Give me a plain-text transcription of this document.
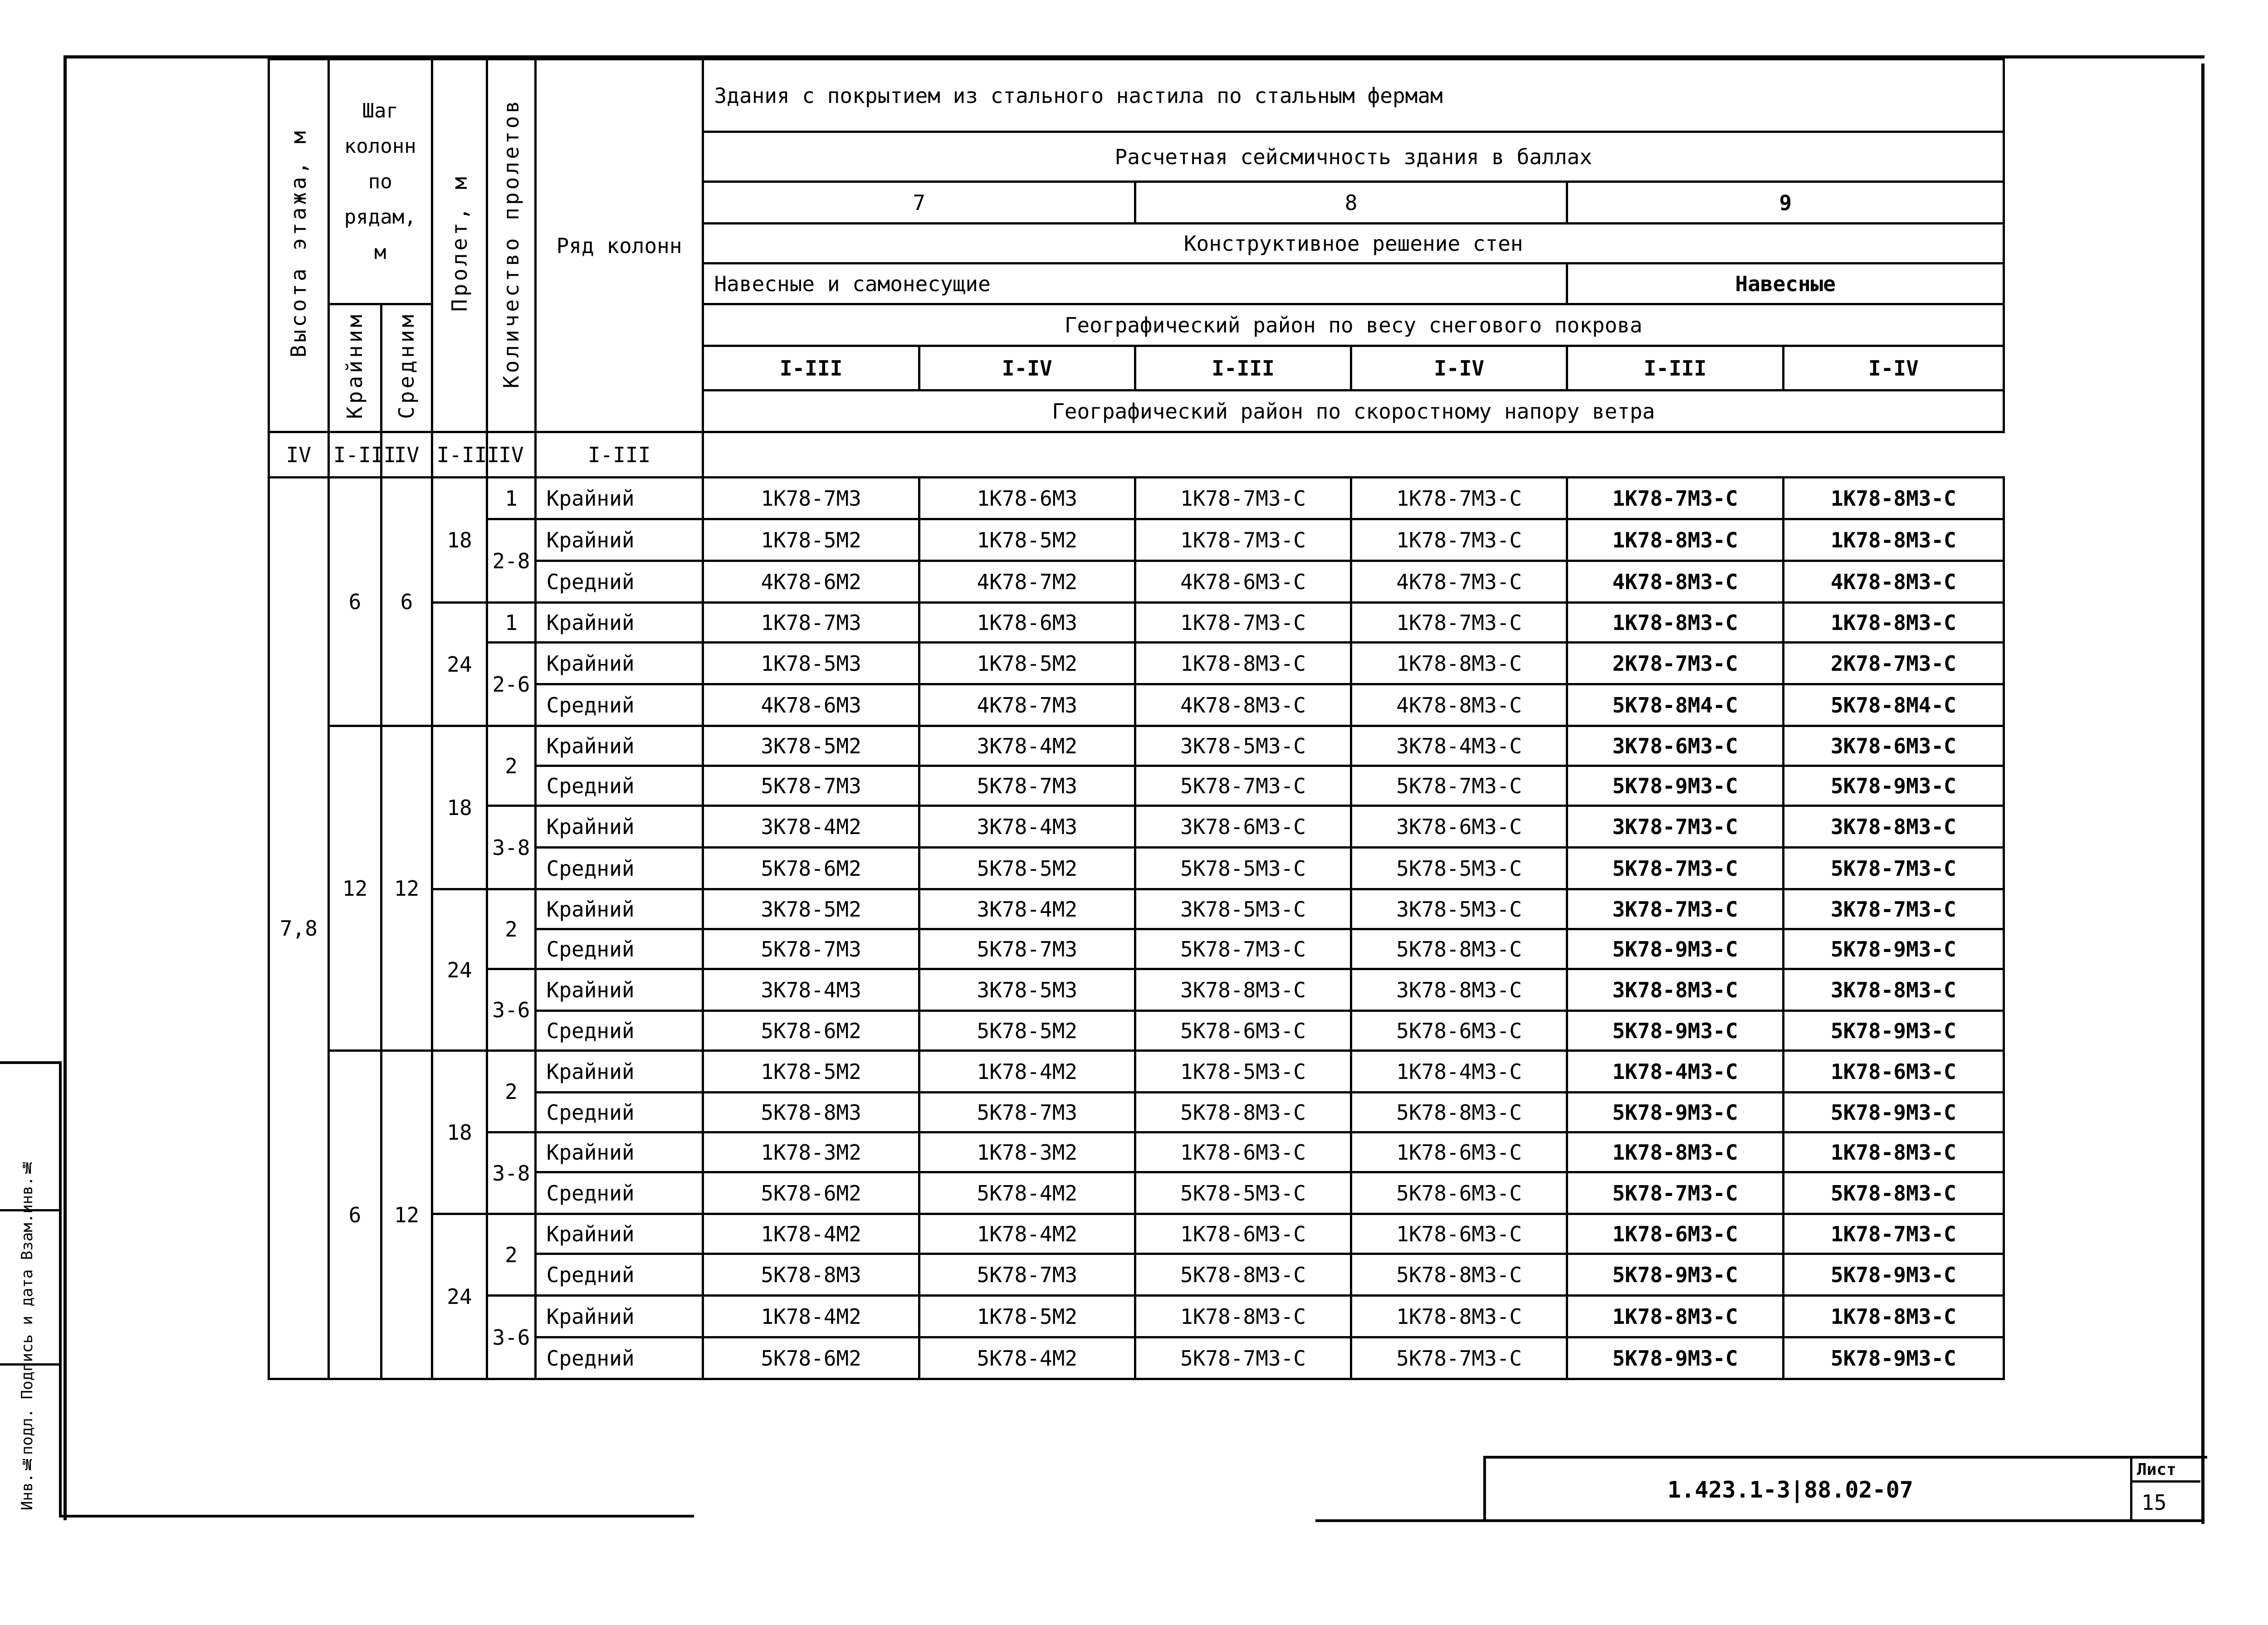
Инв.№подл. Подпись и дата Взам.инв.№
Высота этажа, м	Шаг колонн по рядам, м		Пролет, м	Количество пролетов	Ряд колонн	Здания с покрытием из стального настила по стальным фермам					
						Расчетная сейсмичность здания в баллах					
						7		8		9	
						Конструктивное решение стен					
						Навесные и самонесущие				Навесные	
	Крайним	Средним				Географический район по весу снегового покрова					
						I-III	I-IV	I-III	I-IV	I-III	I-IV
						Географический район по скоростному напору ветра					
IV	I-III	IV	I-III	IV	I-III						
7,8	6	6	18	1	Крайний	1К78-7М3	1К78-6М3	1К78-7М3-С	1К78-7М3-С	1К78-7М3-С	1К78-8М3-С
				2-8	Крайний	1К78-5М2	1К78-5М2	1К78-7М3-С	1К78-7М3-С	1К78-8М3-С	1К78-8М3-С
					Средний	4К78-6М2	4К78-7М2	4К78-6М3-С	4К78-7М3-С	4К78-8М3-С	4К78-8М3-С
			24	1	Крайний	1К78-7М3	1К78-6М3	1К78-7М3-С	1К78-7М3-С	1К78-8М3-С	1К78-8М3-С
				2-6	Крайний	1К78-5М3	1К78-5М2	1К78-8М3-С	1К78-8М3-С	2К78-7М3-С	2К78-7М3-С
					Средний	4К78-6М3	4К78-7М3	4К78-8М3-С	4К78-8М3-С	5К78-8М4-С	5К78-8М4-С
	12	12	18	2	Крайний	3К78-5М2	3К78-4М2	3К78-5М3-С	3К78-4М3-С	3К78-6М3-С	3К78-6М3-С
					Средний	5К78-7М3	5К78-7М3	5К78-7М3-С	5К78-7М3-С	5К78-9М3-С	5К78-9М3-С
				3-8	Крайний	3К78-4М2	3К78-4М3	3К78-6М3-С	3К78-6М3-С	3К78-7М3-С	3К78-8М3-С
					Средний	5К78-6М2	5К78-5М2	5К78-5М3-С	5К78-5М3-С	5К78-7М3-С	5К78-7М3-С
			24	2	Крайний	3К78-5М2	3К78-4М2	3К78-5М3-С	3К78-5М3-С	3К78-7М3-С	3К78-7М3-С
					Средний	5К78-7М3	5К78-7М3	5К78-7М3-С	5К78-8М3-С	5К78-9М3-С	5К78-9М3-С
				3-6	Крайний	3К78-4М3	3К78-5М3	3К78-8М3-С	3К78-8М3-С	3К78-8М3-С	3К78-8М3-С
					Средний	5К78-6М2	5К78-5М2	5К78-6М3-С	5К78-6М3-С	5К78-9М3-С	5К78-9М3-С
	6	12	18	2	Крайний	1К78-5М2	1К78-4М2	1К78-5М3-С	1К78-4М3-С	1К78-4М3-С	1К78-6М3-С
					Средний	5К78-8М3	5К78-7М3	5К78-8М3-С	5К78-8М3-С	5К78-9М3-С	5К78-9М3-С
				3-8	Крайний	1К78-3М2	1К78-3М2	1К78-6М3-С	1К78-6М3-С	1К78-8М3-С	1К78-8М3-С
					Средний	5К78-6М2	5К78-4М2	5К78-5М3-С	5К78-6М3-С	5К78-7М3-С	5К78-8М3-С
			24	2	Крайний	1К78-4М2	1К78-4М2	1К78-6М3-С	1К78-6М3-С	1К78-6М3-С	1К78-7М3-С
					Средний	5К78-8М3	5К78-7М3	5К78-8М3-С	5К78-8М3-С	5К78-9М3-С	5К78-9М3-С
				3-6	Крайний	1К78-4М2	1К78-5М2	1К78-8М3-С	1К78-8М3-С	1К78-8М3-С	1К78-8М3-С
					Средний	5К78-6М2	5К78-4М2	5К78-7М3-С	5К78-7М3-С	5К78-9М3-С	5К78-9М3-С
1.423.1-3|88.02-07
Лист
15
